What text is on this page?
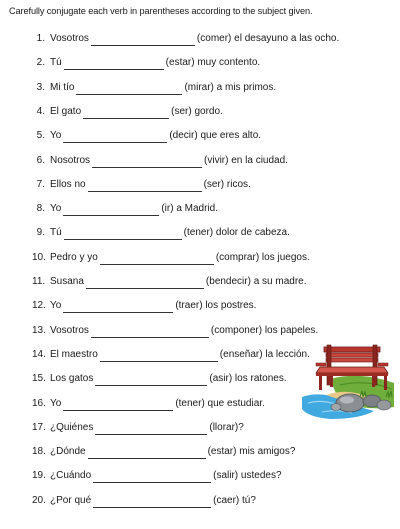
Carefully conjugate each verb in parentheses according to the subject given.
1. Vosotros	(comer) el desayuno a las ocho.
2. Tú	(estar) muy contento.
3. Mi tío	(mirar) a mis primos.
4. El gato	(ser) gordo.
5. Yo	(decir) que eres alto.
6. Nosotros	(vivir) en la ciudad.
7. Ellos no	(ser) ricos.
8. Yo	(ir) a Madrid.
9. Tú	(tener) dolor de cabeza.
10. Pedro y yo	(comprar) los juegos.
11. Susana	(bendecir) a su madre.
12. Yo	(traer) los postres.
13. Vosotros	(componer) los papeles.
14. El maestro	(enseñar) la lección.
15. Los gatos	(asir) los ratones.
16. Yo	(tener) que estudiar.
17. ¿Quiénes	(llorar)?
18. ¿Dónde	(estar) mis amigos?
19. ¿Cuándo	(salir) ustedes?
20. ¿Por qué	(caer) tú?
